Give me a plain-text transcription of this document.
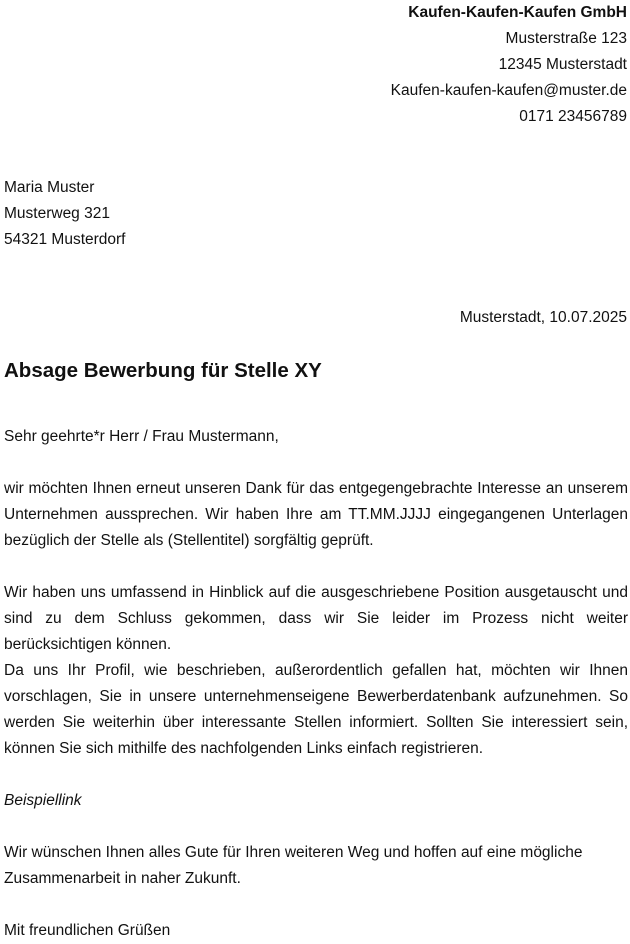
Kaufen-Kaufen-Kaufen GmbH
Musterstraße 123
12345 Musterstadt
Kaufen-kaufen-kaufen@muster.de
0171 23456789
Maria Muster
Musterweg 321
54321 Musterdorf
Musterstadt, 10.07.2025
Absage Bewerbung für Stelle XY

Sehr geehrte*r Herr / Frau Mustermann,

wir möchten Ihnen erneut unseren Dank für das entgegengebrachte Interesse an unserem Unternehmen aussprechen. Wir haben Ihre am TT.MM.JJJJ eingegangenen Unterlagen bezüglich der Stelle als (Stellentitel) sorgfältig geprüft.

Wir haben uns umfassend in Hinblick auf die ausgeschriebene Position ausgetauscht und sind zu dem Schluss gekommen, dass wir Sie leider im Prozess nicht weiter berücksichtigen können.

Da uns Ihr Profil, wie beschrieben, außerordentlich gefallen hat, möchten wir Ihnen vorschlagen, Sie in unsere unternehmenseigene Bewerberdatenbank aufzunehmen. So werden Sie weiterhin über interessante Stellen informiert. Sollten Sie interessiert sein, können Sie sich mithilfe des nachfolgenden Links einfach registrieren.

Beispiellink

Wir wünschen Ihnen alles Gute für Ihren weiteren Weg und hoffen auf eine mögliche Zusammenarbeit in naher Zukunft.

Mit freundlichen Grüßen
